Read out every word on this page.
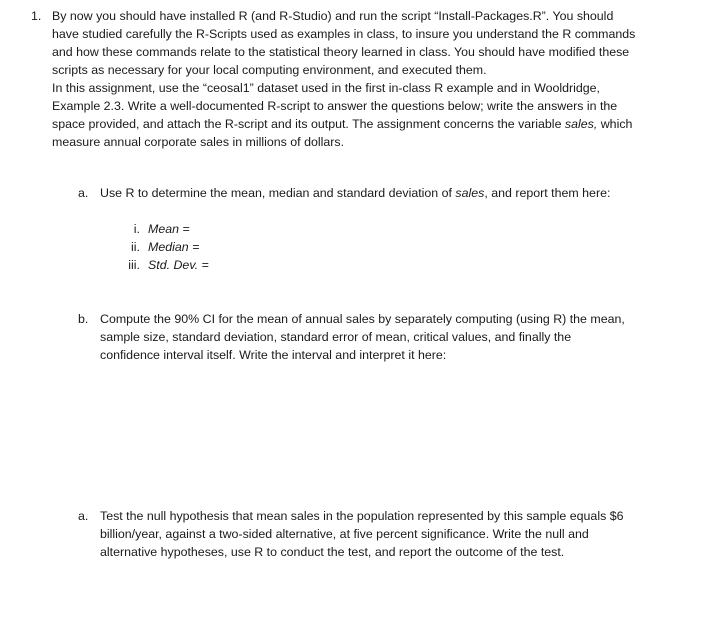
1. By now you should have installed R (and R-Studio) and run the script “Install-Packages.R”. You should have studied carefully the R-Scripts used as examples in class, to insure you understand the R commands and how these commands relate to the statistical theory learned in class. You should have modified these scripts as necessary for your local computing environment, and executed them.

In this assignment, use the “ceosal1” dataset used in the first in-class R example and in Wooldridge, Example 2.3. Write a well-documented R-script to answer the questions below; write the answers in the space provided, and attach the R-script and its output. The assignment concerns the variable sales, which measure annual corporate sales in millions of dollars.

a. Use R to determine the mean, median and standard deviation of sales, and report them here:
i. Mean =
ii. Median =
iii. Std. Dev. =
b. Compute the 90% CI for the mean of annual sales by separately computing (using R) the mean, sample size, standard deviation, standard error of mean, critical values, and finally the confidence interval itself. Write the interval and interpret it here:
a. Test the null hypothesis that mean sales in the population represented by this sample equals $6 billion/year, against a two-sided alternative, at five percent significance. Write the null and alternative hypotheses, use R to conduct the test, and report the outcome of the test.
